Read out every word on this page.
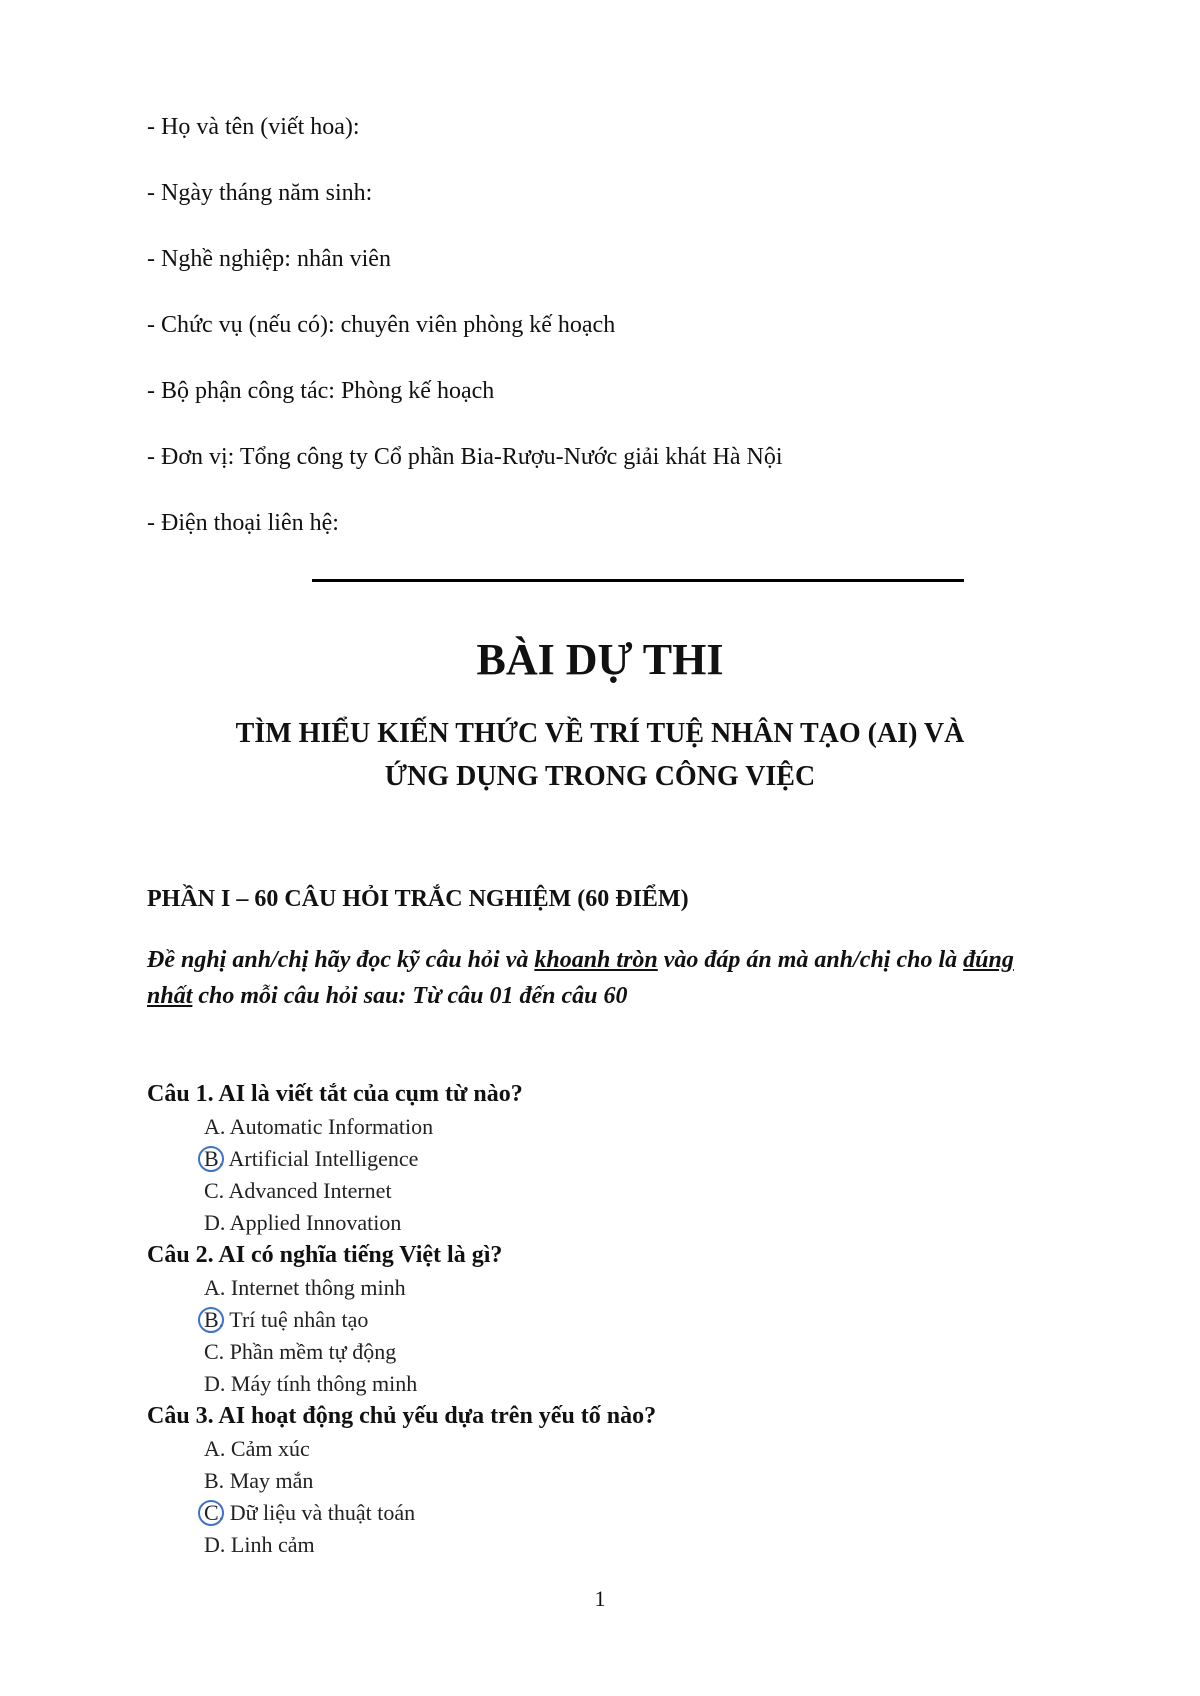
- Họ và tên (viết hoa):
- Ngày tháng năm sinh:
- Nghề nghiệp: nhân viên
- Chức vụ (nếu có): chuyên viên phòng kế hoạch
- Bộ phận công tác: Phòng kế hoạch
- Đơn vị: Tổng công ty Cổ phần Bia-Rượu-Nước giải khát Hà Nội
- Điện thoại liên hệ:
BÀI DỰ THI
TÌM HIỂU KIẾN THỨC VỀ TRÍ TUỆ NHÂN TẠO (AI) VÀ
ỨNG DỤNG TRONG CÔNG VIỆC
PHẦN I – 60 CÂU HỎI TRẮC NGHIỆM (60 ĐIỂM)
Đề nghị anh/chị hãy đọc kỹ câu hỏi và khoanh tròn vào đáp án mà anh/chị cho là đúng nhất cho mỗi câu hỏi sau: Từ câu 01 đến câu 60
Câu 1. AI là viết tắt của cụm từ nào?
A. Automatic Information
B. Artificial Intelligence
C. Advanced Internet
D. Applied Innovation
Câu 2. AI có nghĩa tiếng Việt là gì?
A. Internet thông minh
B. Trí tuệ nhân tạo
C. Phần mềm tự động
D. Máy tính thông minh
Câu 3. AI hoạt động chủ yếu dựa trên yếu tố nào?
A. Cảm xúc
B. May mắn
C. Dữ liệu và thuật toán
D. Linh cảm
1
